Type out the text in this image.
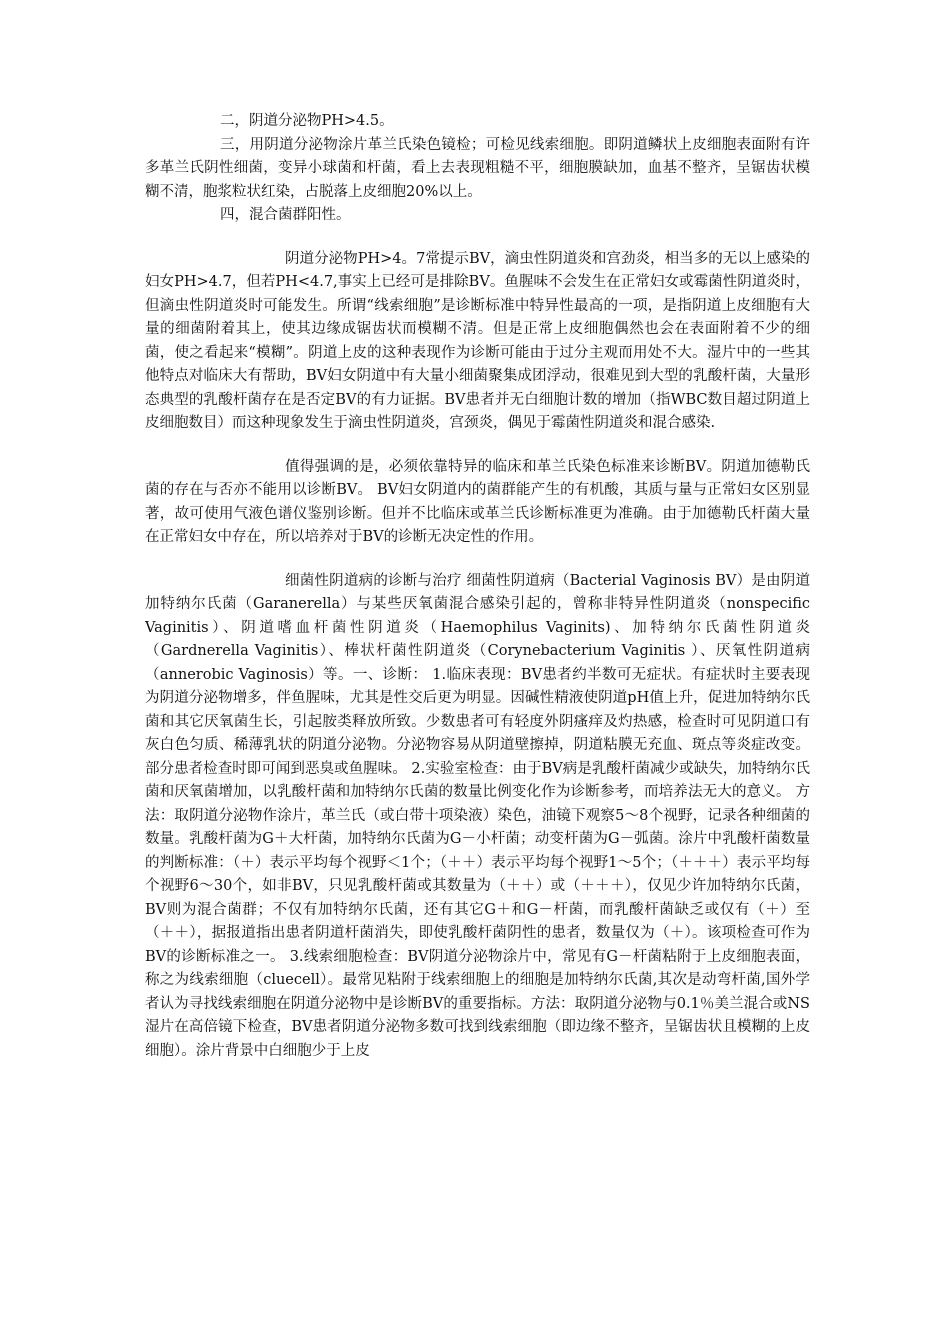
二，阴道分泌物PH>4.5。

三，用阴道分泌物涂片革兰氏染色镜检；可检见线索细胞。即阴道鳞状上皮细胞表面附有许多革兰氏阴性细菌，变异小球菌和杆菌，看上去表现粗糙不平，细胞膜缺加，血基不整齐，呈锯齿状模糊不清，胞浆粒状红染，占脱落上皮细胞20%以上。

四，混合菌群阳性。

阴道分泌物PH>4。7常提示BV，滴虫性阴道炎和宫劲炎，相当多的无以上感染的妇女PH>4.7，但若PH<4.7,事实上已经可是排除BV。鱼腥味不会发生在正常妇女或霉菌性阴道炎时，但滴虫性阴道炎时可能发生。所谓“线索细胞”是诊断标准中特异性最高的一项，是指阴道上皮细胞有大量的细菌附着其上，使其边缘成锯齿状而模糊不清。但是正常上皮细胞偶然也会在表面附着不少的细菌，使之看起来“模糊”。阴道上皮的这种表现作为诊断可能由于过分主观而用处不大。湿片中的一些其他特点对临床大有帮助，BV妇女阴道中有大量小细菌聚集成团浮动，很难见到大型的乳酸杆菌，大量形态典型的乳酸杆菌存在是否定BV的有力证据。BV患者并无白细胞计数的增加（指WBC数目超过阴道上皮细胞数目）而这种现象发生于滴虫性阴道炎，宫颈炎，偶见于霉菌性阴道炎和混合感染.

值得强调的是，必须依靠特异的临床和革兰氏染色标准来诊断BV。阴道加德勒氏菌的存在与否亦不能用以诊断BV。 BV妇女阴道内的菌群能产生的有机酸，其质与量与正常妇女区别显著，故可使用气液色谱仪鉴别诊断。但并不比临床或革兰氏诊断标准更为准确。由于加德勒氏杆菌大量在正常妇女中存在，所以培养对于BV的诊断无决定性的作用。

细菌性阴道病的诊断与治疗 细菌性阴道病（Bacterial Vaginosis BV）是由阴道加特纳尔氏菌（Garanerella）与某些厌氧菌混合感染引起的，曾称非特异性阴道炎（nonspecific Vaginitis）、阴道嗜血杆菌性阴道炎（Haemophilus Vaginits)、加特纳尔氏菌性阴道炎（Gardnerella Vaginitis）、棒状杆菌性阴道炎（Corynebacterium Vaginitis ）、厌氧性阴道病（annerobic Vaginosis）等。一、诊断： 1.临床表现：BV患者约半数可无症状。有症状时主要表现为阴道分泌物增多，伴鱼腥味，尤其是性交后更为明显。因碱性精液使阴道pH值上升，促进加特纳尔氏菌和其它厌氧菌生长，引起胺类释放所致。少数患者可有轻度外阴瘙痒及灼热感，检查时可见阴道口有灰白色匀质、稀薄乳状的阴道分泌物。分泌物容易从阴道壁擦掉，阴道粘膜无充血、斑点等炎症改变。部分患者检查时即可闻到恶臭或鱼腥味。 2.实验室检查：由于BV病是乳酸杆菌减少或缺失，加特纳尔氏菌和厌氧菌增加，以乳酸杆菌和加特纳尔氏菌的数量比例变化作为诊断参考，而培养法无大的意义。 方法：取阴道分泌物作涂片，革兰氏（或白带十项染液）染色，油镜下观察5～8个视野，记录各种细菌的数量。乳酸杆菌为G＋大杆菌，加特纳尔氏菌为G－小杆菌；动变杆菌为G－弧菌。涂片中乳酸杆菌数量的判断标准：（＋）表示平均每个视野＜1个；（＋＋）表示平均每个视野1～5个；（＋＋＋）表示平均每个视野6～30个，如非BV，只见乳酸杆菌或其数量为（＋＋）或（＋＋＋），仅见少许加特纳尔氏菌，BV则为混合菌群；不仅有加特纳尔氏菌，还有其它G＋和G－杆菌，而乳酸杆菌缺乏或仅有（＋）至（＋＋），据报道指出患者阴道杆菌消失，即使乳酸杆菌阴性的患者，数量仅为（＋）。该项检查可作为BV的诊断标准之一。 3.线索细胞检查：BV阴道分泌物涂片中，常见有G－杆菌粘附于上皮细胞表面，称之为线索细胞（cluecell）。最常见粘附于线索细胞上的细胞是加特纳尔氏菌,其次是动弯杆菌,国外学者认为寻找线索细胞在阴道分泌物中是诊断BV的重要指标。方法：取阴道分泌物与0.1％美兰混合或NS湿片在高倍镜下检查，BV患者阴道分泌物多数可找到线索细胞（即边缘不整齐，呈锯齿状且模糊的上皮细胞）。涂片背景中白细胞少于上皮
